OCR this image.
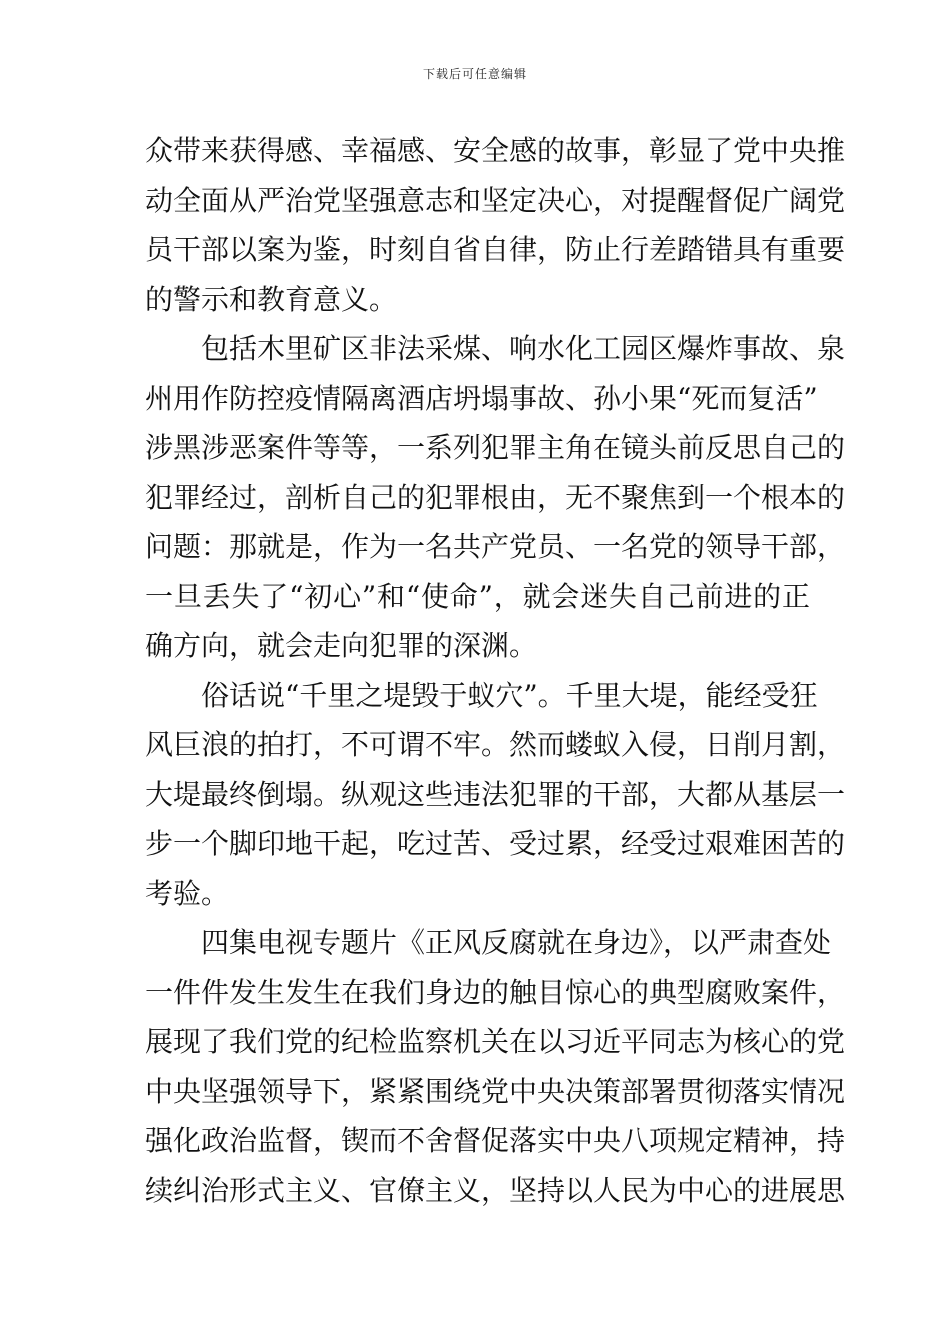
下载后可任意编辑
众带来获得感、幸福感、安全感的故事，彰显了党中央推
动全面从严治党坚强意志和坚定决心，对提醒督促广阔党
员干部以案为鉴，时刻自省自律，防止行差踏错具有重要
的警示和教育意义。
包括木里矿区非法采煤、响水化工园区爆炸事故、泉
州用作防控疫情隔离酒店坍塌事故、孙小果“死而复活”
涉黑涉恶案件等等，一系列犯罪主角在镜头前反思自己的
犯罪经过，剖析自己的犯罪根由，无不聚焦到一个根本的
问题：那就是，作为一名共产党员、一名党的领导干部，
一旦丢失了“初心”和“使命”，就会迷失自己前进的正
确方向，就会走向犯罪的深渊。
俗话说“千里之堤毁于蚁穴”。千里大堤，能经受狂
风巨浪的拍打，不可谓不牢。然而蝼蚁入侵，日削月割，
大堤最终倒塌。纵观这些违法犯罪的干部，大都从基层一
步一个脚印地干起，吃过苦、受过累，经受过艰难困苦的
考验。
四集电视专题片《正风反腐就在身边》，以严肃查处
一件件发生发生在我们身边的触目惊心的典型腐败案件，
展现了我们党的纪检监察机关在以习近平同志为核心的党
中央坚强领导下，紧紧围绕党中央决策部署贯彻落实情况
强化政治监督，锲而不舍督促落实中央八项规定精神，持
续纠治形式主义、官僚主义，坚持以人民为中心的进展思
